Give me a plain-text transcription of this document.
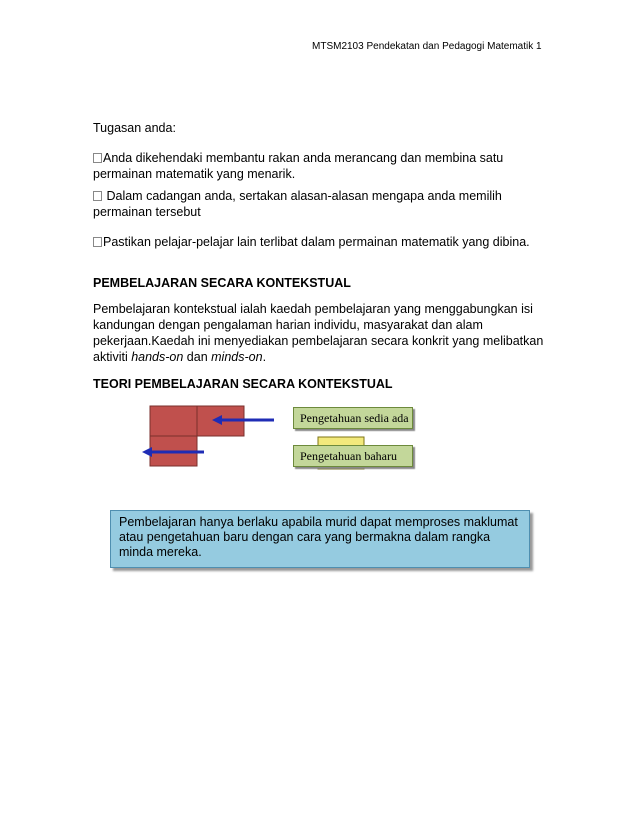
MTSM2103 Pendekatan dan Pedagogi Matematik 1
Tugasan anda:
Anda dikehendaki membantu rakan anda merancang dan membina satu permainan matematik yang menarik.
Dalam cadangan anda, sertakan alasan-alasan mengapa anda memilih permainan tersebut
Pastikan pelajar-pelajar lain terlibat dalam permainan matematik yang dibina.
PEMBELAJARAN SECARA KONTEKSTUAL
Pembelajaran kontekstual ialah kaedah pembelajaran yang menggabungkan isi kandungan dengan pengalaman harian individu, masyarakat dan alam pekerjaan.Kaedah ini menyediakan pembelajaran secara konkrit yang melibatkan aktiviti hands-on dan minds-on.
TEORI PEMBELAJARAN SECARA KONTEKSTUAL
Pengetahuan sedia ada
Pengetahuan baharu
Pembelajaran hanya berlaku apabila murid dapat memproses maklumat atau pengetahuan baru dengan cara yang bermakna dalam rangka minda mereka.
